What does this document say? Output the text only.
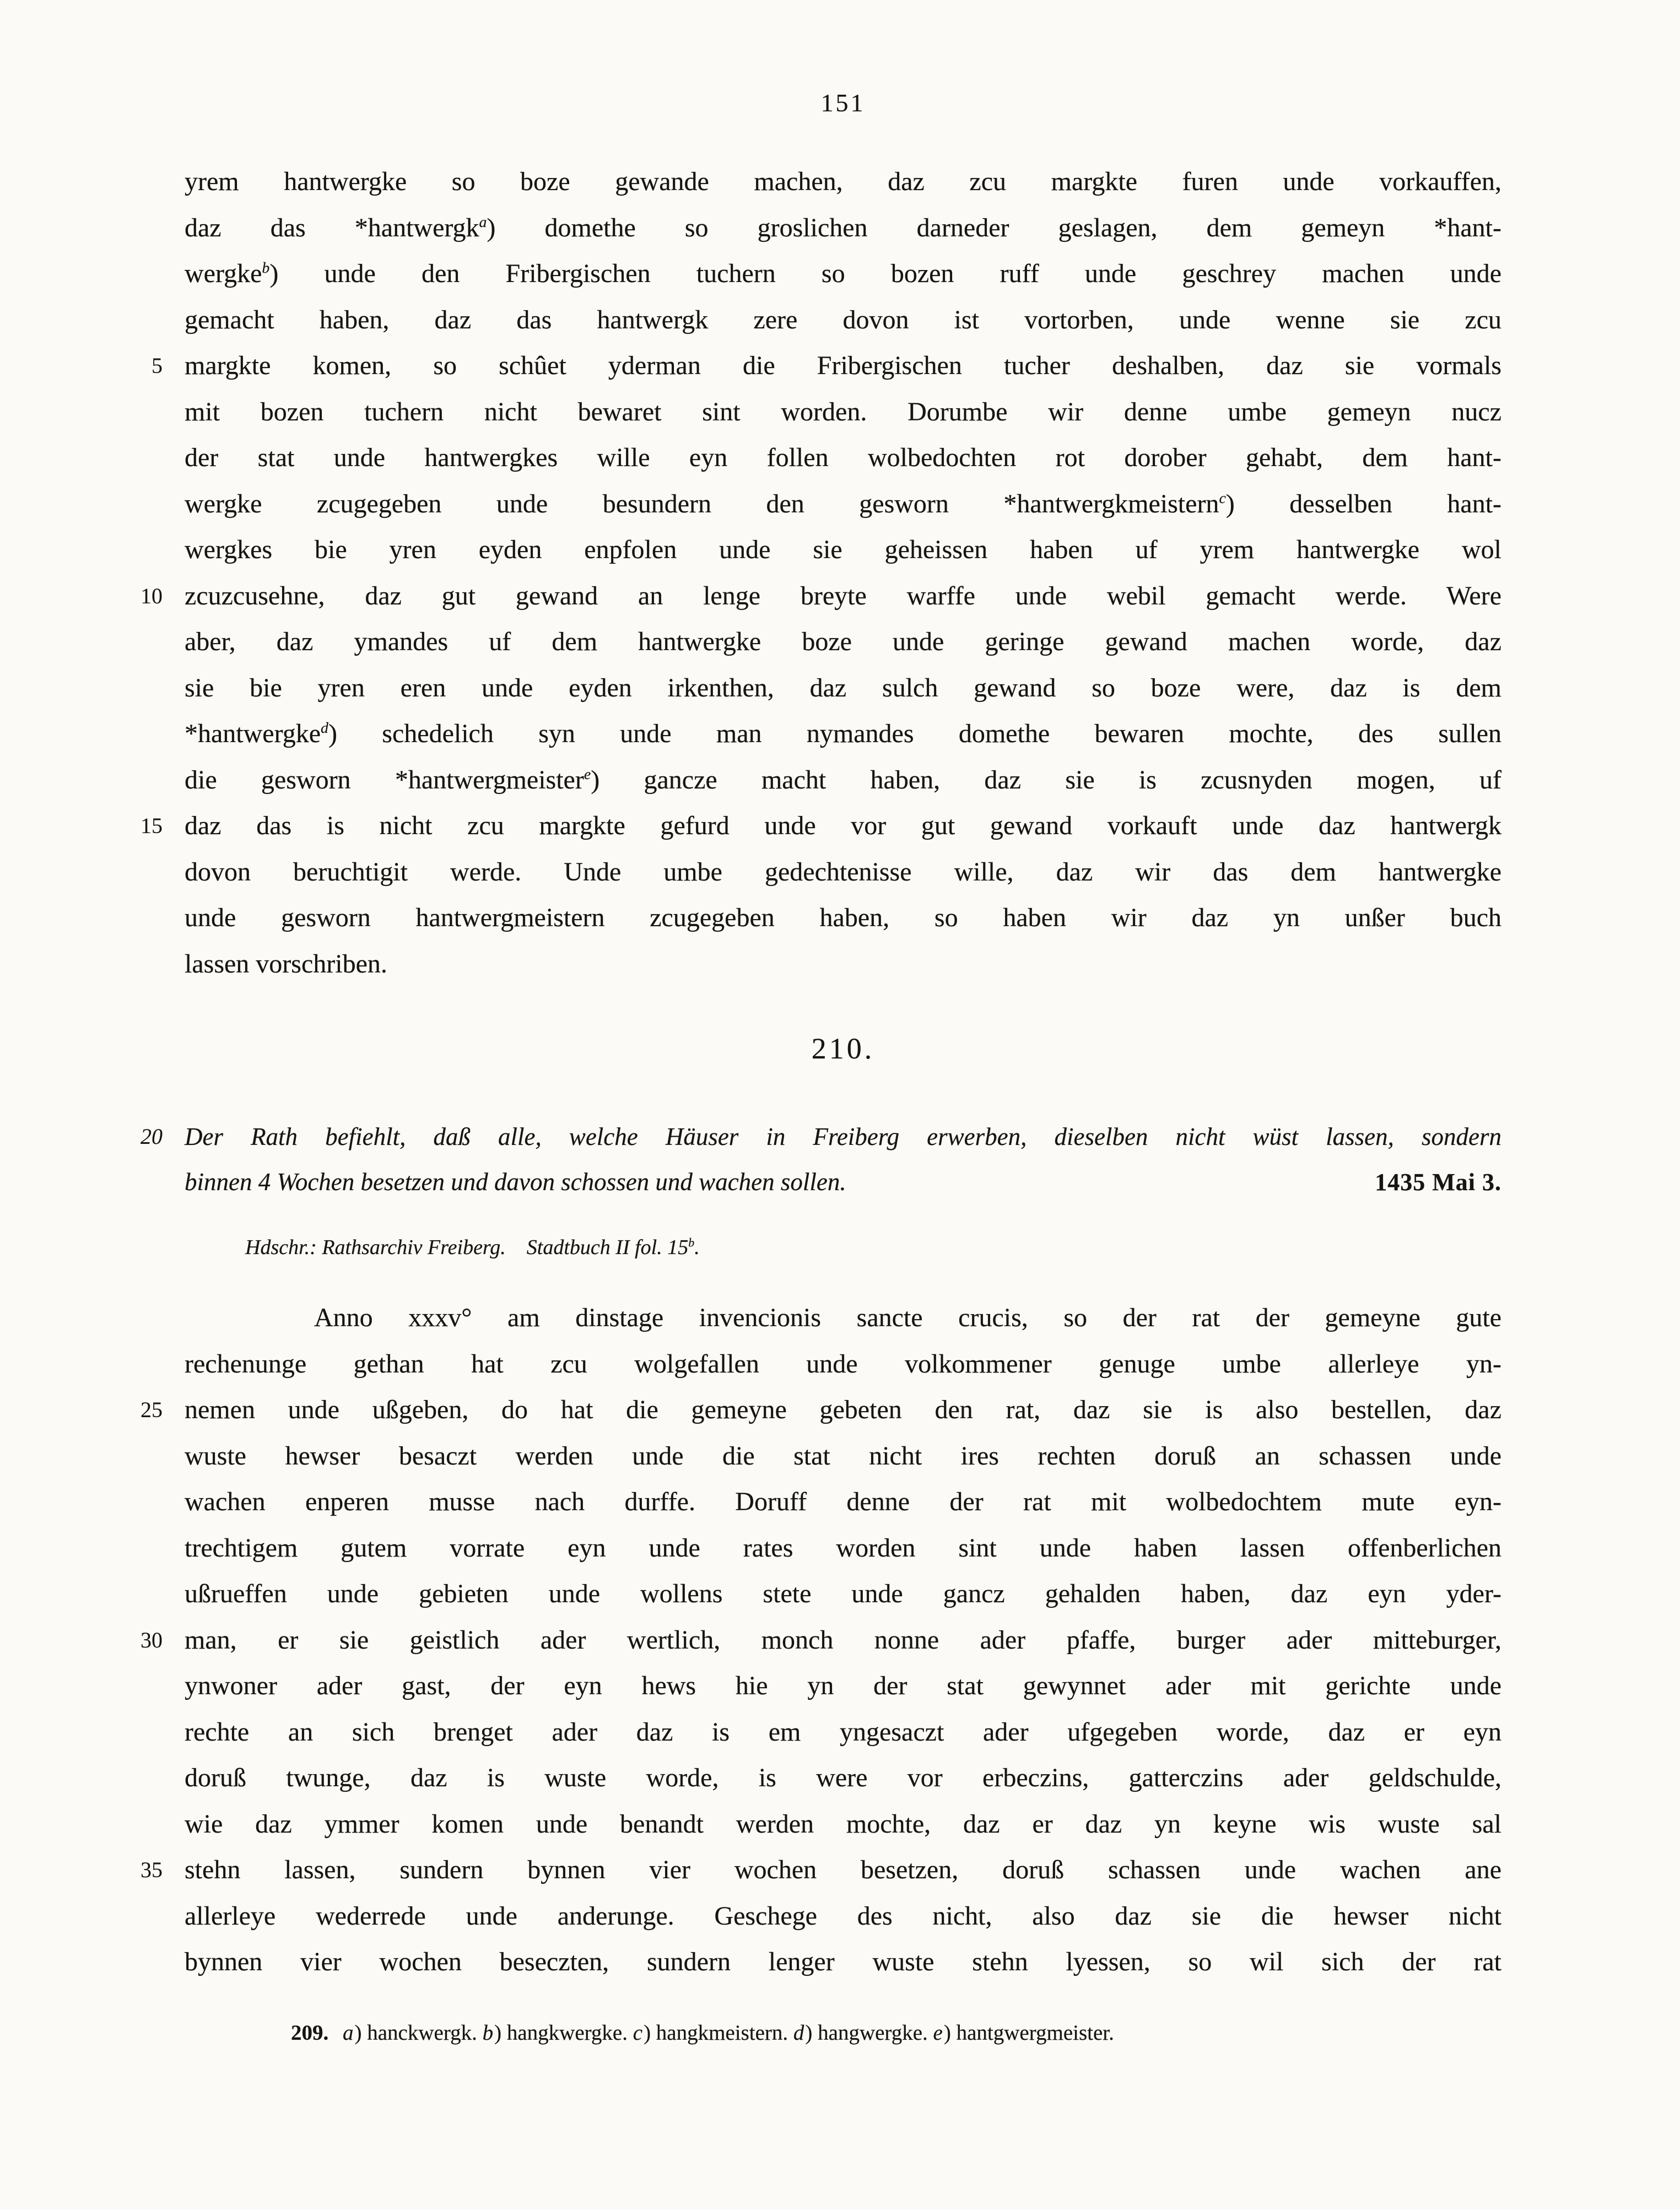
151
yrem hantwergke so boze gewande machen, daz zcu margkte furen unde vorkauffen,
daz das *hantwergk$^a$) domethe so groslichen darneder geslagen, dem gemeyn *hant-
wergke$^b$) unde den Fribergischen tuchern so bozen ruff unde geschrey machen unde
gemacht haben, daz das hantwergk zere dovon ist vortorben, unde wenne sie zcu
5 margkte komen, so schûet yderman die Fribergischen tucher deshalben, daz sie vormals
mit bozen tuchern nicht bewaret sint worden. Dorumbe wir denne umbe gemeyn nucz
der stat unde hantwergkes wille eyn follen wolbedochten rot dorober gehabt, dem hant-
wergke zcugegeben unde besundern den gesworn *hantwergkmeistern$^c$) desselben hant-
wergkes bie yren eyden enpfolen unde sie geheissen haben uf yrem hantwergke wol
10 zcuzcusehne, daz gut gewand an lenge breyte warffe unde webil gemacht werde. Were
aber, daz ymandes uf dem hantwergke boze unde geringe gewand machen worde, daz
sie bie yren eren unde eyden irkenthen, daz sulch gewand so boze were, daz is dem
*hantwergke$^d$) schedelich syn unde man nymandes domethe bewaren mochte, des sullen
die gesworn *hantwergmeister$^e$) gancze macht haben, daz sie is zcusnyden mogen, uf
15 daz das is nicht zcu margkte gefurd unde vor gut gewand vorkauft unde daz hantwergk
dovon beruchtigit werde. Unde umbe gedechtenisse wille, daz wir das dem hantwergke
unde gesworn hantwergmeistern zcugegeben haben, so haben wir daz yn unßer buch
lassen vorschriben.
210.
20 Der Rath befiehlt, daß alle, welche Häuser in Freiberg erwerben, dieselben nicht wüst lassen, sondern
binnen 4 Wochen besetzen und davon schossen und wachen sollen.	1435 Mai 3.
Hdschr.: Rathsarchiv Freiberg. Stadtbuch II fol. 15$^b$.
Anno xxxv° am dinstage invencionis sancte crucis, so der rat der gemeyne gute
rechenunge gethan hat zcu wolgefallen unde volkommener genuge umbe allerleye yn-
25 nemen unde ußgeben, do hat die gemeyne gebeten den rat, daz sie is also bestellen, daz
wuste hewser besaczt werden unde die stat nicht ires rechten doruß an schassen unde
wachen enperen musse nach durffe. Doruff denne der rat mit wolbedochtem mute eyn-
trechtigem gutem vorrate eyn unde rates worden sint unde haben lassen offenberlichen
ußrueffen unde gebieten unde wollens stete unde gancz gehalden haben, daz eyn yder-
30 man, er sie geistlich ader wertlich, monch nonne ader pfaffe, burger ader mitteburger,
ynwoner ader gast, der eyn hews hie yn der stat gewynnet ader mit gerichte unde
rechte an sich brenget ader daz is em yngesaczt ader ufgegeben worde, daz er eyn
doruß twunge, daz is wuste worde, is were vor erbeczins, gatterczins ader geldschulde,
wie daz ymmer komen unde benandt werden mochte, daz er daz yn keyne wis wuste sal
35 stehn lassen, sundern bynnen vier wochen besetzen, doruß schassen unde wachen ane
allerleye wederrede unde anderunge. Geschege des nicht, also daz sie die hewser nicht
bynnen vier wochen beseczten, sundern lenger wuste stehn lyessen, so wil sich der rat
209. a) hanckwergk. b) hangkwergke. c) hangkmeistern. d) hangwergke. e) hantgwergmeister.
